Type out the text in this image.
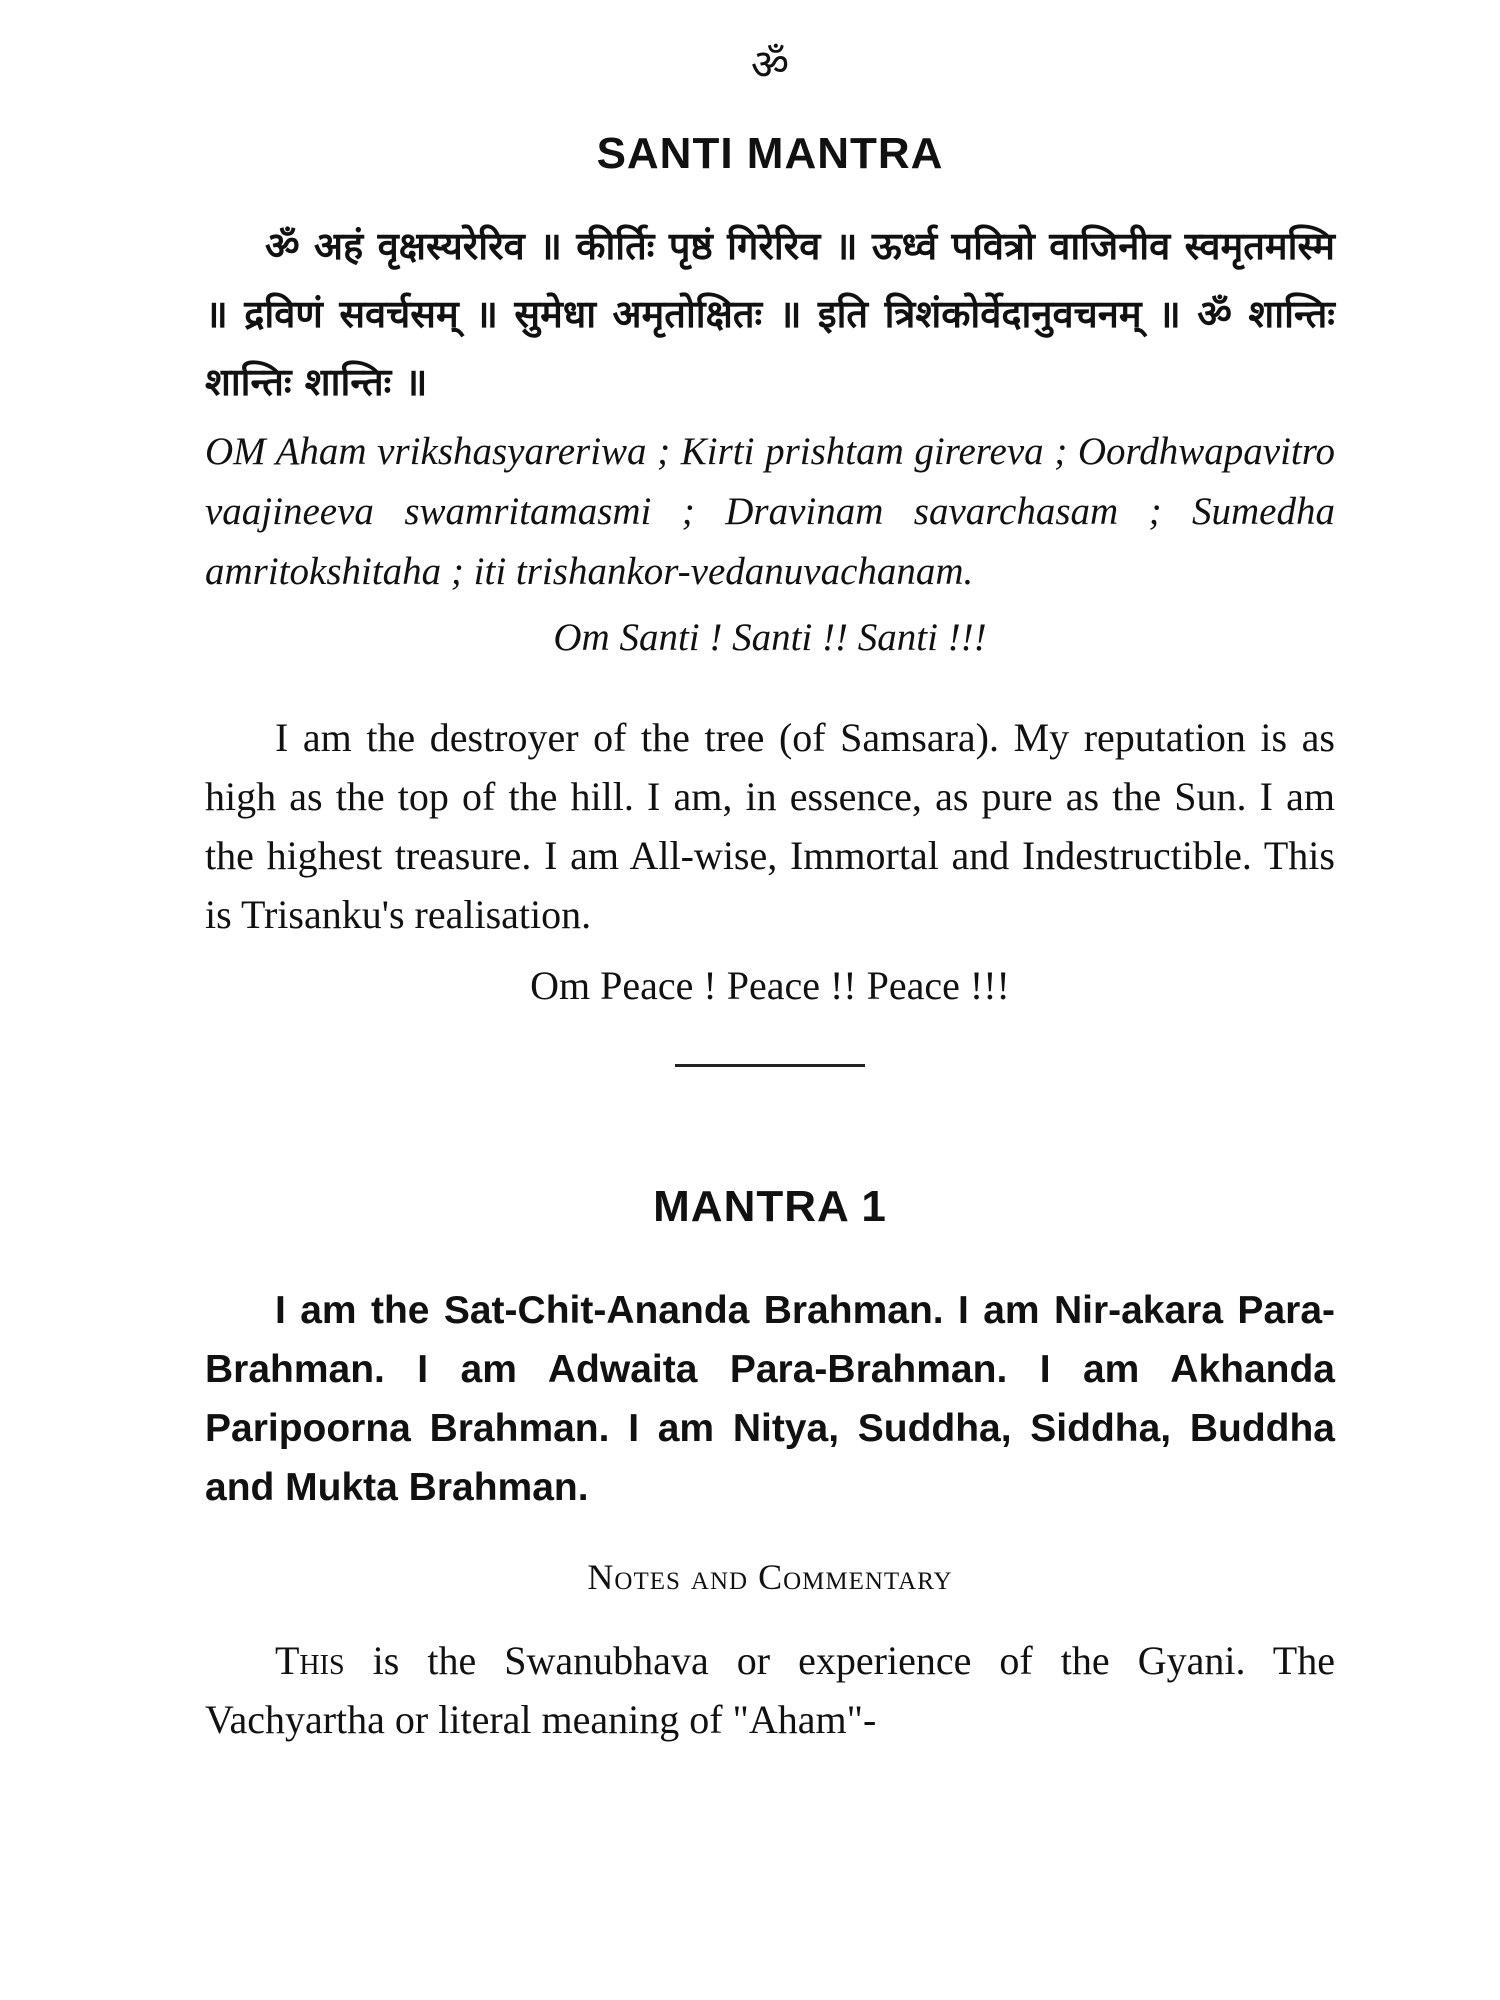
ॐ
SANTI MANTRA

ॐ अहं वृक्षस्यरेरिव ॥ कीर्तिः पृष्ठं गिरेरिव ॥ ऊर्ध्व पवित्रो वाजिनीव स्वमृतमस्मि ॥ द्रविणं सवर्चसम् ॥ सुमेधा अमृतोक्षितः ॥ इति त्रिशंकोर्वेदानुवचनम् ॥ ॐ शान्तिः शान्तिः शान्तिः ॥

OM Aham vrikshasyareriwa ; Kirti prishtam girereva ; Oordhwapavitro vaajineeva swamritamasmi ; Dravinam savarchasam ; Sumedha amritokshitaha ; iti trishankor-vedanuvachanam.

Om Santi ! Santi !! Santi !!!

I am the destroyer of the tree (of Samsara). My reputation is as high as the top of the hill. I am, in essence, as pure as the Sun. I am the highest treasure. I am All-wise, Immortal and Indestructible. This is Trisanku's realisation.

Om Peace ! Peace !! Peace !!!

MANTRA 1

I am the Sat-Chit-Ananda Brahman. I am Nir-akara Para-Brahman. I am Adwaita Para-Brahman. I am Akhanda Paripoorna Brahman. I am Nitya, Suddha, Siddha, Buddha and Mukta Brahman.

Notes and Commentary

This is the Swanubhava or experience of the Gyani. The Vachyartha or literal meaning of "Aham"-
